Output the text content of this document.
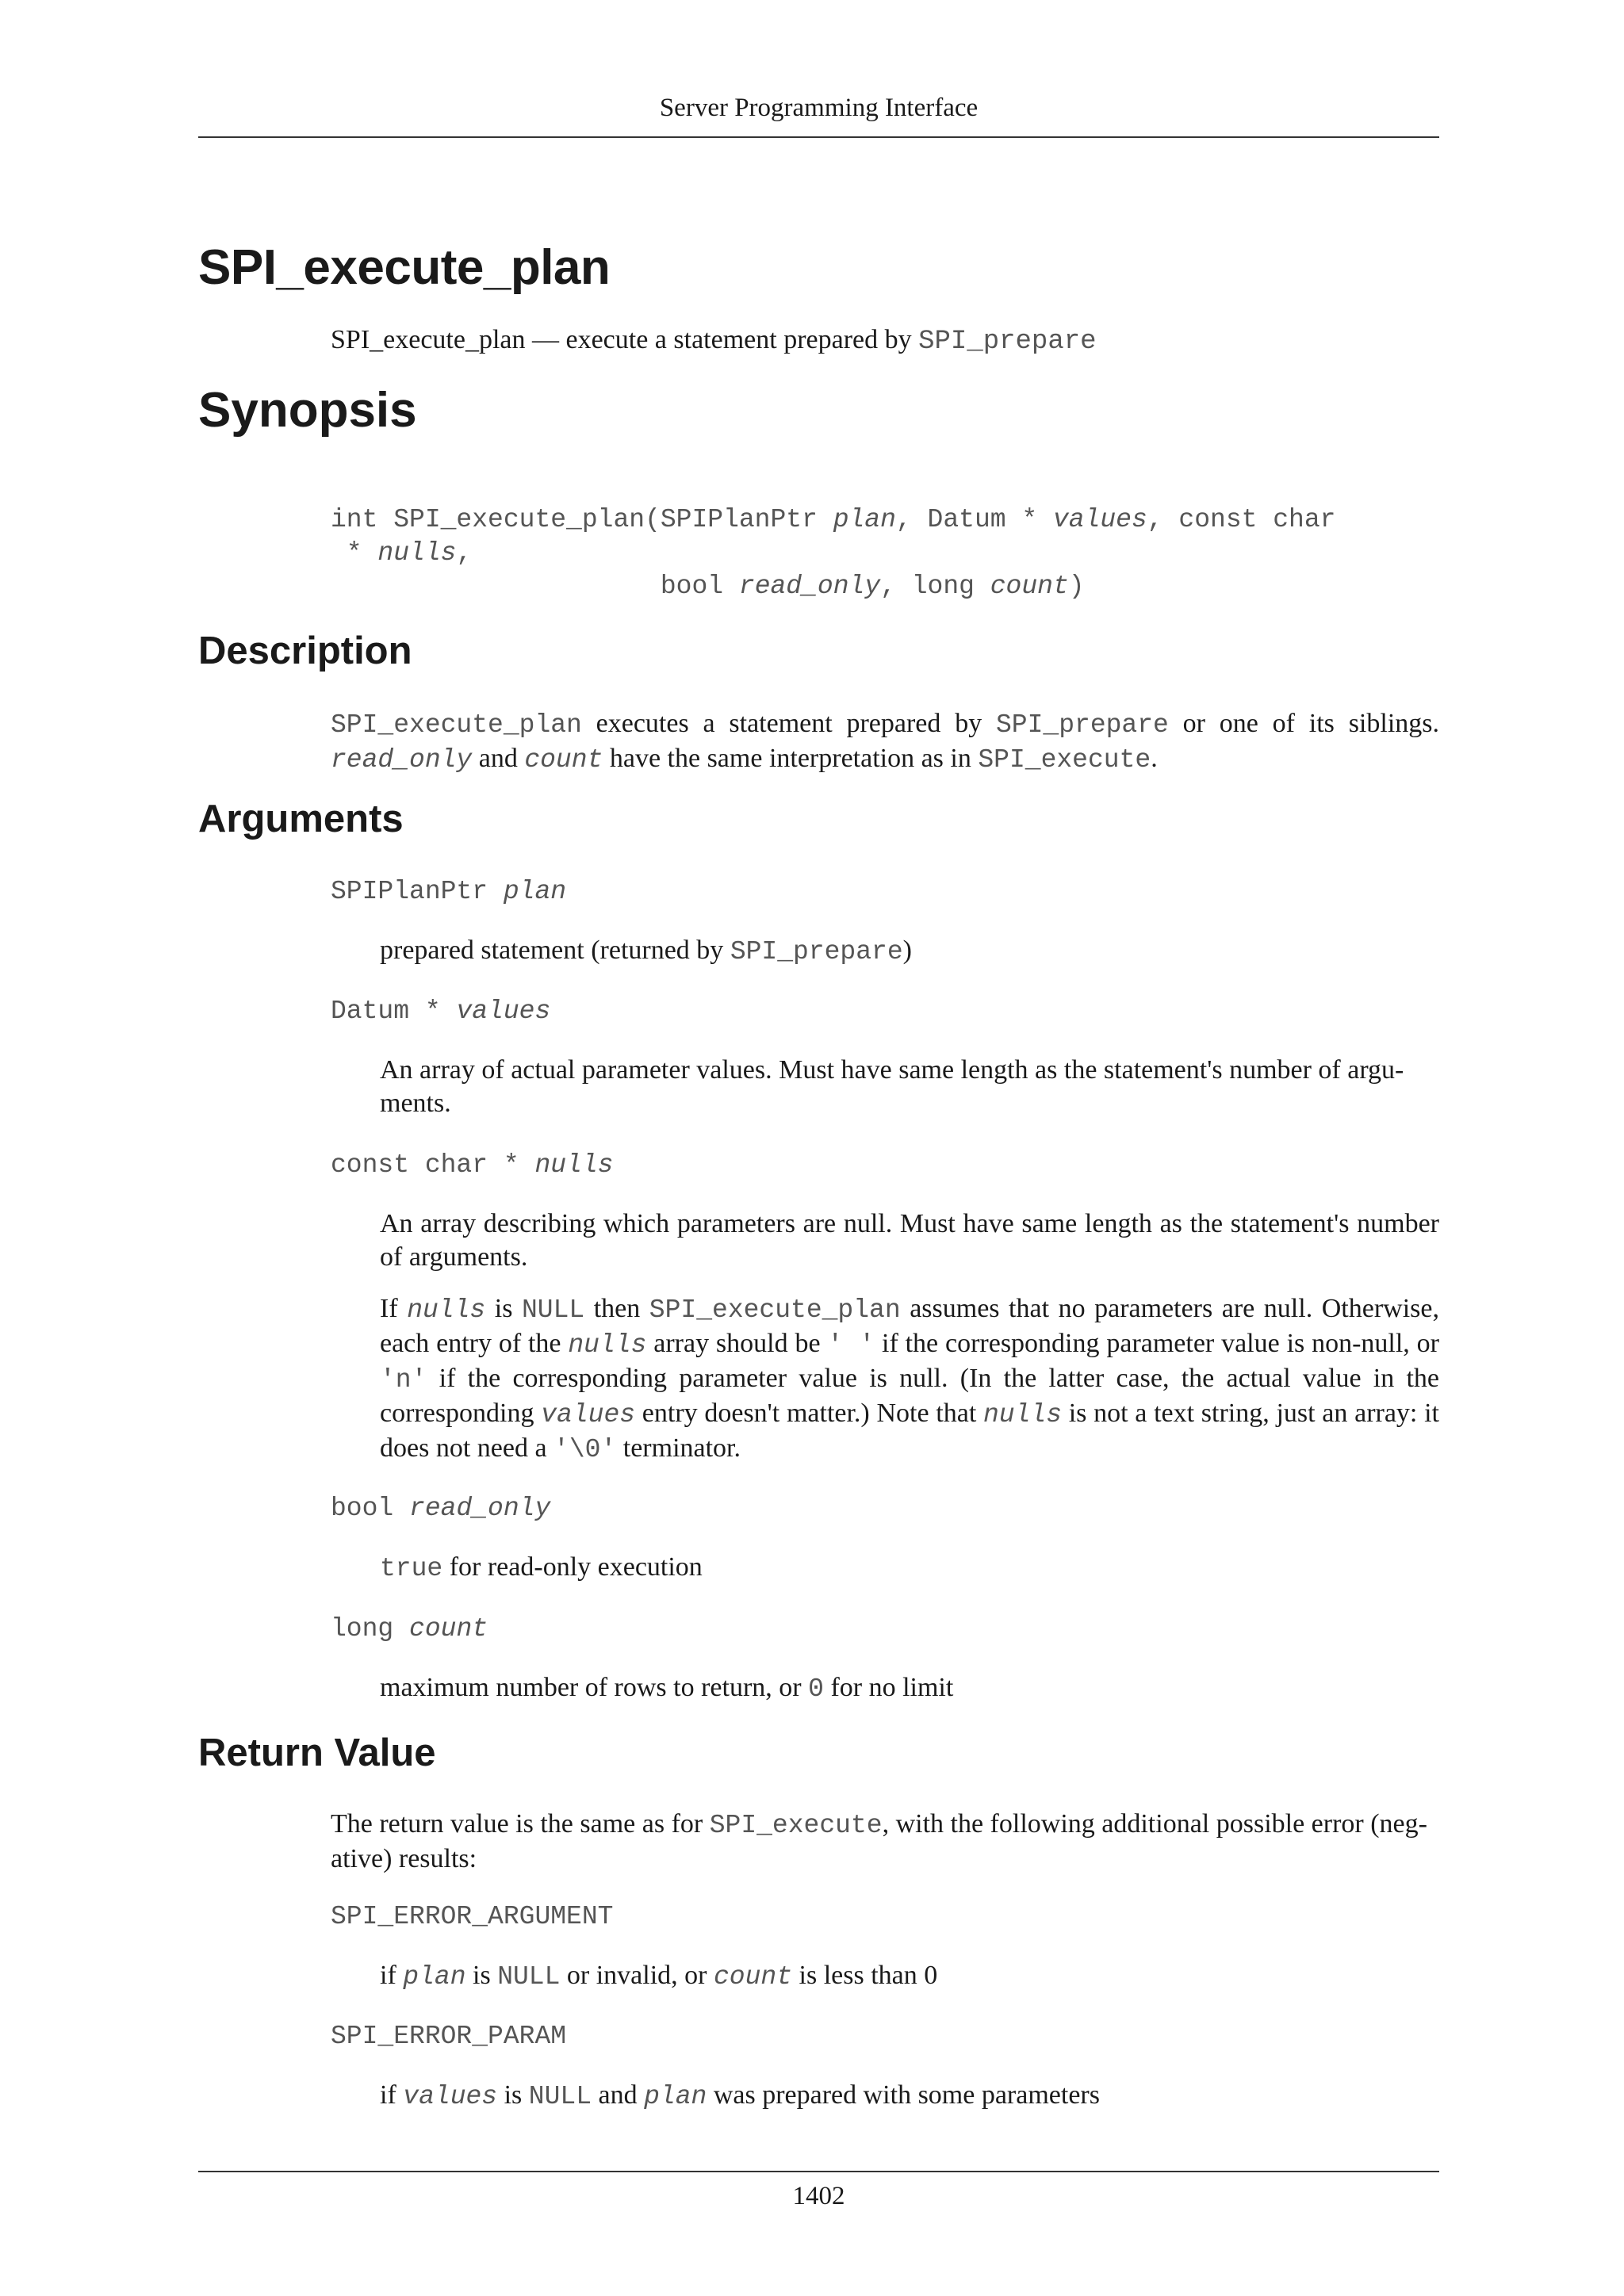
Server Programming Interface
SPI_execute_plan
SPI_execute_plan — execute a statement prepared by SPI_prepare
Synopsis
int SPI_execute_plan(SPIPlanPtr plan, Datum * values, const char
* nulls,
bool read_only, long count)
Description
SPI_execute_plan executes a statement prepared by SPI_prepare or one of its siblings. read_only and count have the same interpretation as in SPI_execute.
Arguments
SPIPlanPtr plan
prepared statement (returned by SPI_prepare)
Datum * values
An array of actual parameter values. Must have same length as the statement's number of argu-
ments.
const char * nulls
An array describing which parameters are null. Must have same length as the statement's number of arguments.
If nulls is NULL then SPI_execute_plan assumes that no parameters are null. Otherwise, each entry of the nulls array should be ' ' if the corresponding parameter value is non-null, or 'n' if the corresponding parameter value is null. (In the latter case, the actual value in the corresponding values entry doesn't matter.) Note that nulls is not a text string, just an array: it does not need a '\0' terminator.
bool read_only
true for read-only execution
long count
maximum number of rows to return, or 0 for no limit
Return Value
The return value is the same as for SPI_execute, with the following additional possible error (neg-
ative) results:
SPI_ERROR_ARGUMENT
if plan is NULL or invalid, or count is less than 0
SPI_ERROR_PARAM
if values is NULL and plan was prepared with some parameters
1402
